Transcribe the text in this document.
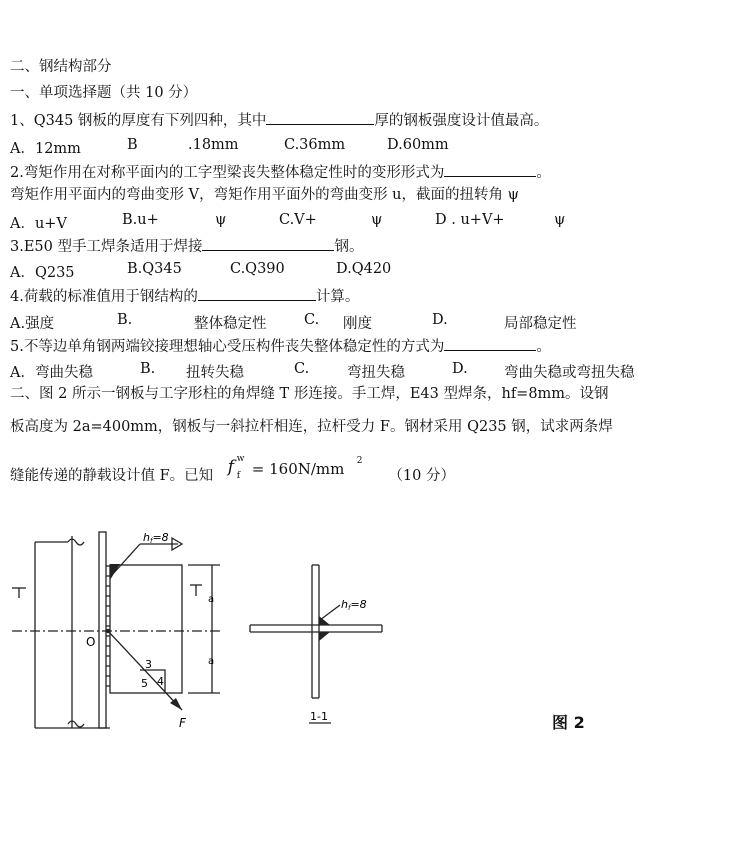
二、钢结构部分
一、单项选择题（共 10 分）
1、Q345 钢板的厚度有下列四种，其中	厚的钢板强度设计值最高。
A．12mm	B	.18mm	C.36mm	D.60mm
2.弯矩作用在对称平面内的工字型梁丧失整体稳定性时的变形形式为	。
弯矩作用平面内的弯曲变形 V，弯矩作用平面外的弯曲变形 u，截面的扭转角 ψ
A．u+V	B.u+	ψ	C.V+	ψ	D . u+V+	ψ
3.E50 型手工焊条适用于焊接	钢。
A．Q235	B.Q345	C.Q390	D.Q420
4.荷载的标准值用于钢结构的	计算。
A.强度	B.	整体稳定性	C. 刚度	D.	局部稳定性
5.不等边单角钢两端铰接理想轴心受压构件丧失整体稳定性的方式为	。
A．弯曲失稳	B. 扭转失稳	C.	弯扭失稳	D.	弯曲失稳或弯扭失稳
二、图 2 所示一钢板与工字形柱的角焊缝 T 形连接。手工焊，E43 型焊条，hf=8mm。设钢
板高度为 2a=400mm，钢板与一斜拉杆相连，拉杆受力 F。钢材采用 Q235 钢，试求两条焊
缝能传递的静载设计值 F。已知 f w
f = 160N/mm 2
（10 分）
hf=8
O
a
a
3
4
5
F
hf=8
1-1	图 2
